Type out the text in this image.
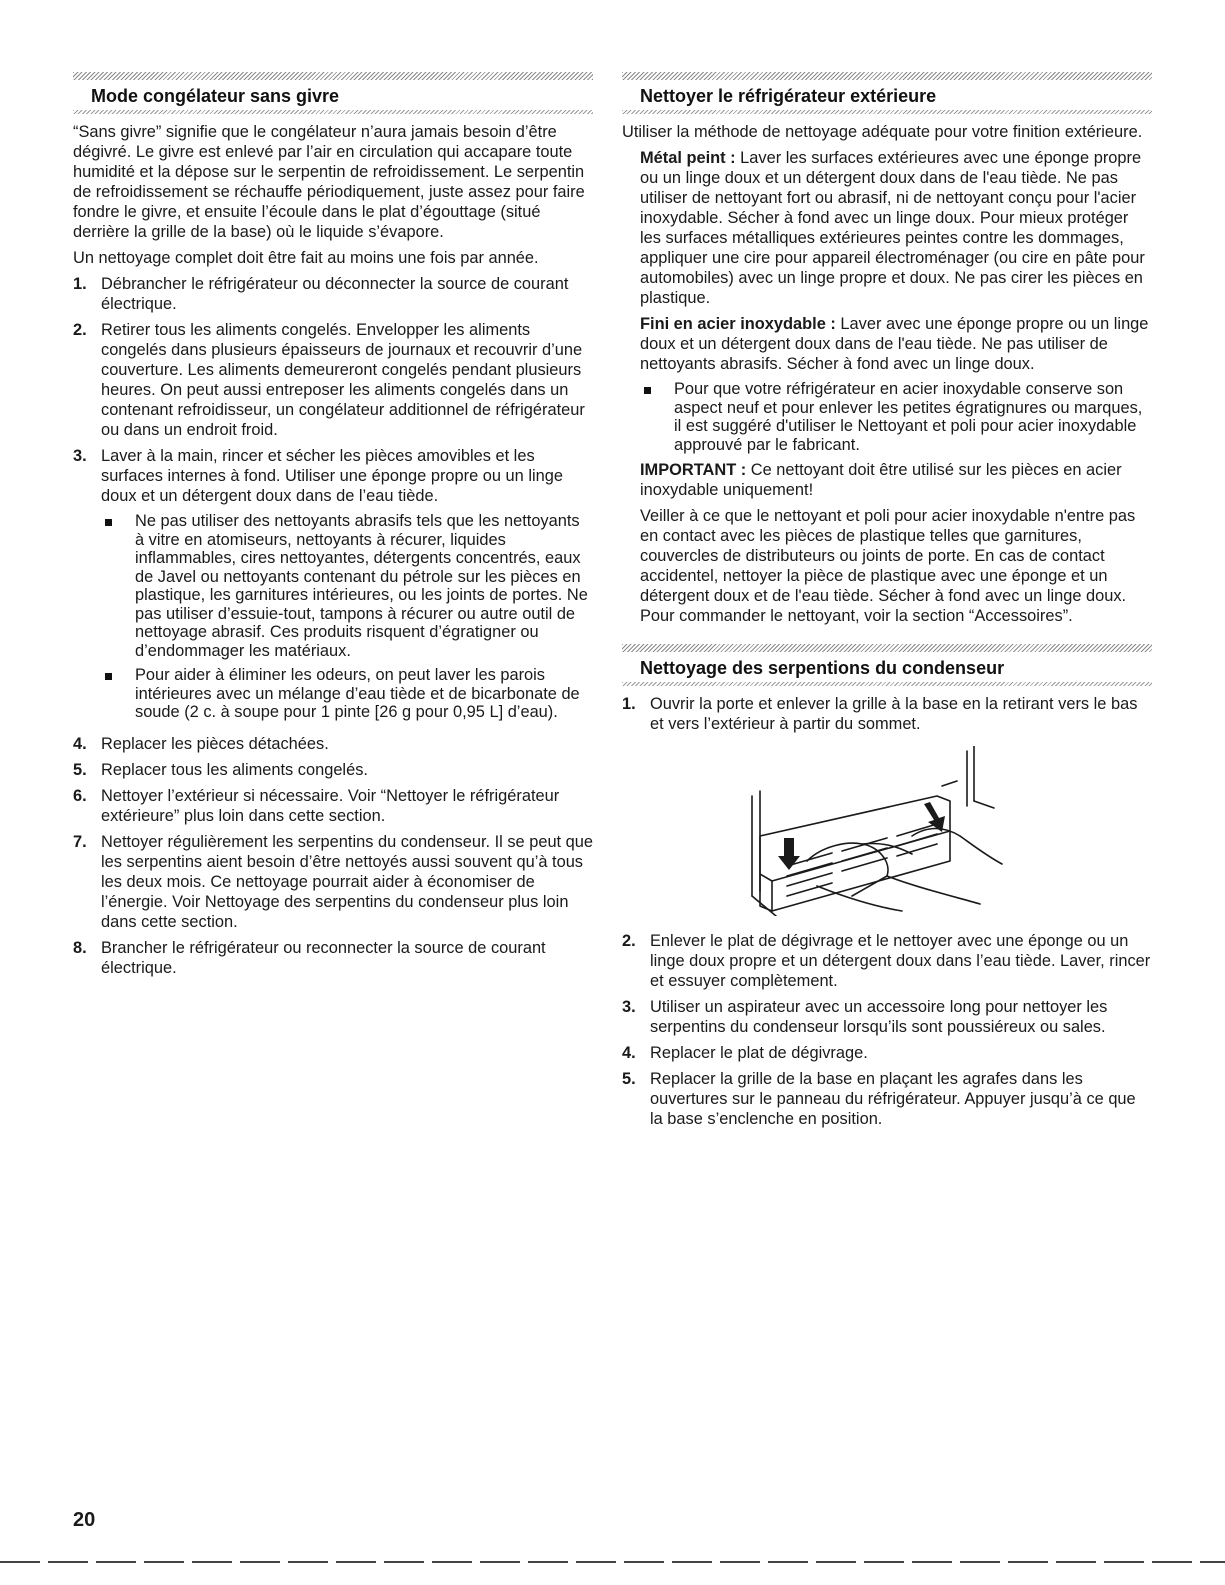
Mode congélateur sans givre

“Sans givre” signifie que le congélateur n’aura jamais besoin d’être dégivré. Le givre est enlevé par l’air en circulation qui accapare toute humidité et la dépose sur le serpentin de refroidissement. Le serpentin de refroidissement se réchauffe périodiquement, juste assez pour faire fondre le givre, et ensuite l’écoule dans le plat d’égouttage (situé derrière la grille de la base) où le liquide s’évapore.

Un nettoyage complet doit être fait au moins une fois par année.

1. Débrancher le réfrigérateur ou déconnecter la source de courant électrique.
2. Retirer tous les aliments congelés. Envelopper les aliments congelés dans plusieurs épaisseurs de journaux et recouvrir d’une couverture. Les aliments demeureront congelés pendant plusieurs heures. On peut aussi entreposer les aliments congelés dans un contenant refroidisseur, un congélateur additionnel de réfrigérateur ou dans un endroit froid.
3. Laver à la main, rincer et sécher les pièces amovibles et les surfaces internes à fond. Utiliser une éponge propre ou un linge doux et un détergent doux dans de l’eau tiède.
Ne pas utiliser des nettoyants abrasifs tels que les nettoyants à vitre en atomiseurs, nettoyants à récurer, liquides inflammables, cires nettoyantes, détergents concentrés, eaux de Javel ou nettoyants contenant du pétrole sur les pièces en plastique, les garnitures intérieures, ou les joints de portes. Ne pas utiliser d’essuie-tout, tampons à récurer ou autre outil de nettoyage abrasif. Ces produits risquent d’égratigner ou d’endommager les matériaux.
Pour aider à éliminer les odeurs, on peut laver les parois intérieures avec un mélange d’eau tiède et de bicarbonate de soude (2 c. à soupe pour 1 pinte [26 g pour 0,95 L] d’eau).
4. Replacer les pièces détachées.
5. Replacer tous les aliments congelés.
6. Nettoyer l’extérieur si nécessaire. Voir “Nettoyer le réfrigérateur extérieure” plus loin dans cette section.
7. Nettoyer régulièrement les serpentins du condenseur. Il se peut que les serpentins aient besoin d’être nettoyés aussi souvent qu’à tous les deux mois. Ce nettoyage pourrait aider à économiser de l’énergie. Voir Nettoyage des serpentins du condenseur plus loin dans cette section.
8. Brancher le réfrigérateur ou reconnecter la source de courant électrique.
Nettoyer le réfrigérateur extérieure

Utiliser la méthode de nettoyage adéquate pour votre finition extérieure.

Métal peint : Laver les surfaces extérieures avec une éponge propre ou un linge doux et un détergent doux dans de l'eau tiède. Ne pas utiliser de nettoyant fort ou abrasif, ni de nettoyant conçu pour l'acier inoxydable. Sécher à fond avec un linge doux. Pour mieux protéger les surfaces métalliques extérieures peintes contre les dommages, appliquer une cire pour appareil électroménager (ou cire en pâte pour automobiles) avec un linge propre et doux. Ne pas cirer les pièces en plastique.

Fini en acier inoxydable : Laver avec une éponge propre ou un linge doux et un détergent doux dans de l'eau tiède. Ne pas utiliser de nettoyants abrasifs. Sécher à fond avec un linge doux.

Pour que votre réfrigérateur en acier inoxydable conserve son aspect neuf et pour enlever les petites égratignures ou marques, il est suggéré d'utiliser le Nettoyant et poli pour acier inoxydable approuvé par le fabricant.

IMPORTANT : Ce nettoyant doit être utilisé sur les pièces en acier inoxydable uniquement!

Veiller à ce que le nettoyant et poli pour acier inoxydable n'entre pas en contact avec les pièces de plastique telles que garnitures, couvercles de distributeurs ou joints de porte. En cas de contact accidentel, nettoyer la pièce de plastique avec une éponge et un détergent doux et de l'eau tiède. Sécher à fond avec un linge doux. Pour commander le nettoyant, voir la section “Accessoires”.

Nettoyage des serpentions du condenseur
1. Ouvrir la porte et enlever la grille à la base en la retirant vers le bas et vers l’extérieur à partir du sommet.
2. Enlever le plat de dégivrage et le nettoyer avec une éponge ou un linge doux propre et un détergent doux dans l’eau tiède. Laver, rincer et essuyer complètement.
3. Utiliser un aspirateur avec un accessoire long pour nettoyer les serpentins du condenseur lorsqu’ils sont poussiéreux ou sales.
4. Replacer le plat de dégivrage.
5. Replacer la grille de la base en plaçant les agrafes dans les ouvertures sur le panneau du réfrigérateur. Appuyer jusqu’à ce que la base s’enclenche en position.
20
